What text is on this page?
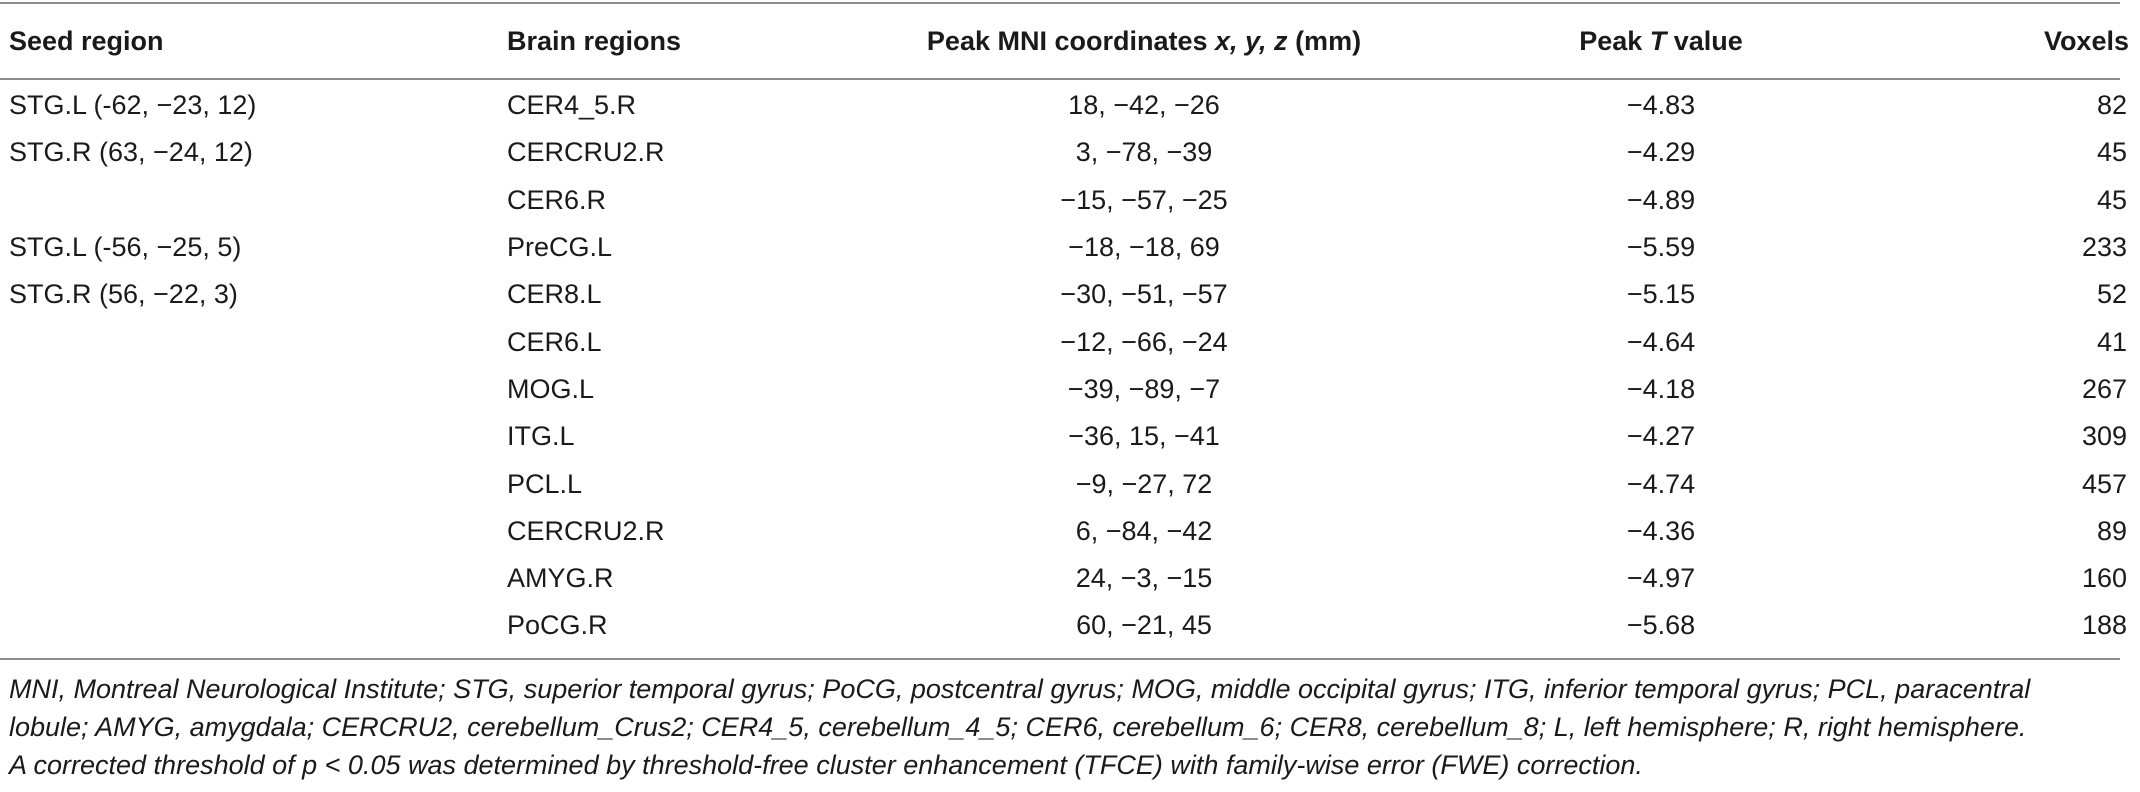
Seed region	Brain regions	Peak MNI coordinates x, y, z (mm)	Peak T value	Voxels
STG.L (-62, −23, 12)	CER4_5.R	18, −42, −26	−4.83	82
STG.R (63, −24, 12)	CERCRU2.R	3, −78, −39	−4.29	45
	CER6.R	−15, −57, −25	−4.89	45
STG.L (-56, −25, 5)	PreCG.L	−18, −18, 69	−5.59	233
STG.R (56, −22, 3)	CER8.L	−30, −51, −57	−5.15	52
	CER6.L	−12, −66, −24	−4.64	41
	MOG.L	−39, −89, −7	−4.18	267
	ITG.L	−36, 15, −41	−4.27	309
	PCL.L	−9, −27, 72	−4.74	457
	CERCRU2.R	6, −84, −42	−4.36	89
	AMYG.R	24, −3, −15	−4.97	160
	PoCG.R	60, −21, 45	−5.68	188

MNI, Montreal Neurological Institute; STG, superior temporal gyrus; PoCG, postcentral gyrus; MOG, middle occipital gyrus; ITG, inferior temporal gyrus; PCL, paracentral

lobule; AMYG, amygdala; CERCRU2, cerebellum_Crus2; CER4_5, cerebellum_4_5; CER6, cerebellum_6; CER8, cerebellum_8; L, left hemisphere; R, right hemisphere.

A corrected threshold of p < 0.05 was determined by threshold-free cluster enhancement (TFCE) with family-wise error (FWE) correction.
